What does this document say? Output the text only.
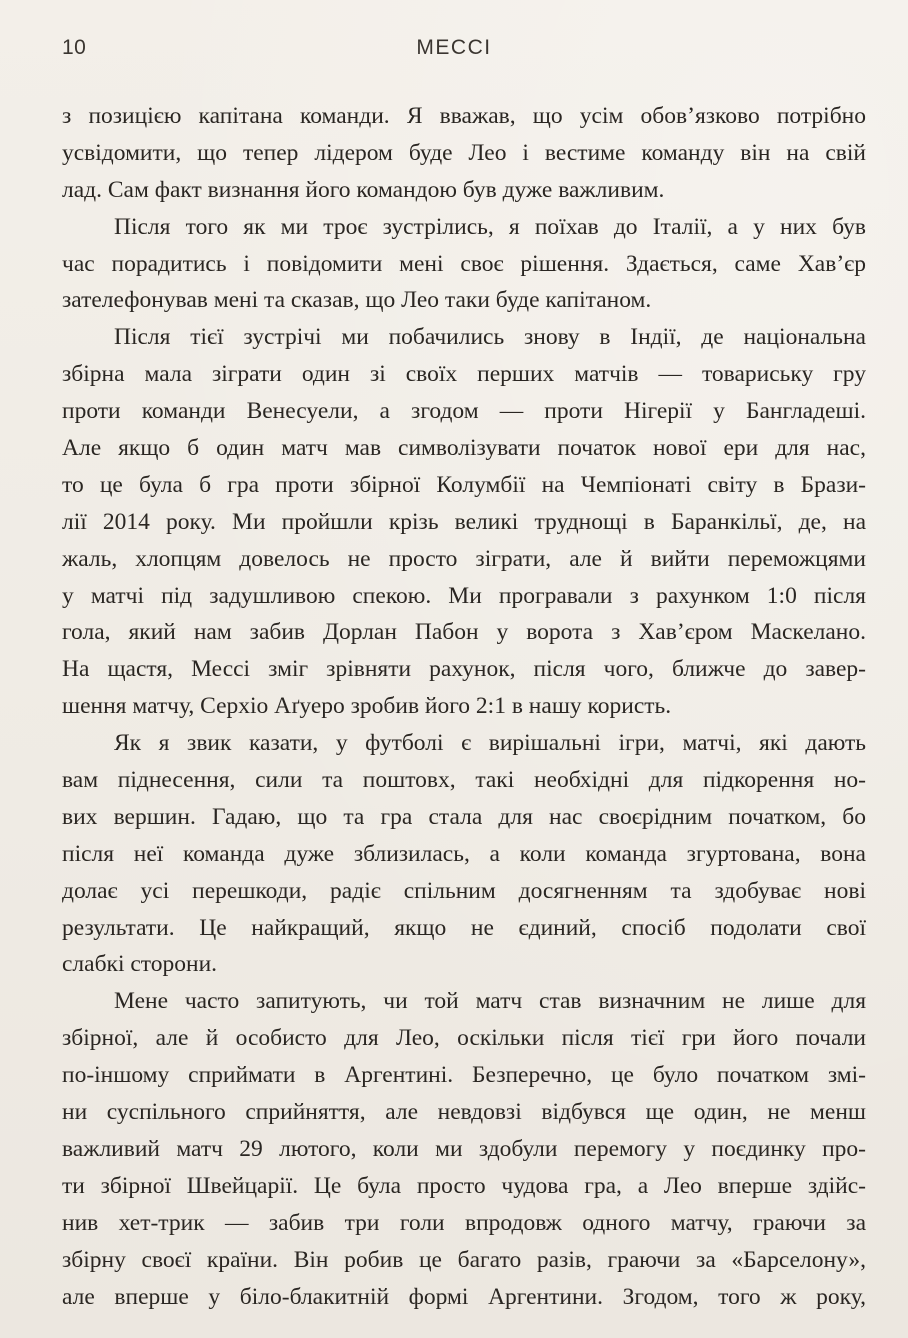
10	МЕССІ
з позицією капітана команди. Я вважав, що усім обов’язково потрібно
усвідомити, що тепер лідером буде Лео і вестиме команду він на свій
лад. Сам факт визнання його командою був дуже важливим.
Після того як ми троє зустрілись, я поїхав до Італії, а у них був
час порадитись і повідомити мені своє рішення. Здається, саме Хав’єр
зателефонував мені та сказав, що Лео таки буде капітаном.
Після тієї зустрічі ми побачились знову в Індії, де національна
збірна мала зіграти один зі своїх перших матчів — товариську гру
проти команди Венесуели, а згодом — проти Нігерії у Бангладеші.
Але якщо б один матч мав символізувати початок нової ери для нас,
то це була б гра проти збірної Колумбії на Чемпіонаті світу в Брази-
лії 2014 року. Ми пройшли крізь великі труднощі в Баранкільї, де, на
жаль, хлопцям довелось не просто зіграти, але й вийти переможцями
у матчі під задушливою спекою. Ми програвали з рахунком 1:0 після
гола, який нам забив Дорлан Пабон у ворота з Хав’єром Маскелано.
На щастя, Мессі зміг зрівняти рахунок, після чого, ближче до завер-
шення матчу, Серхіо Аґуеро зробив його 2:1 в нашу користь.
Як я звик казати, у футболі є вирішальні ігри, матчі, які дають
вам піднесення, сили та поштовх, такі необхідні для підкорення но-
вих вершин. Гадаю, що та гра стала для нас своєрідним початком, бо
після неї команда дуже зблизилась, а коли команда згуртована, вона
долає усі перешкоди, радіє спільним досягненням та здобуває нові
результати. Це найкращий, якщо не єдиний, спосіб подолати свої
слабкі сторони.
Мене часто запитують, чи той матч став визначним не лише для
збірної, але й особисто для Лео, оскільки після тієї гри його почали
по-іншому сприймати в Аргентині. Безперечно, це було початком змі-
ни суспільного сприйняття, але невдовзі відбувся ще один, не менш
важливий матч 29 лютого, коли ми здобули перемогу у поєдинку про-
ти збірної Швейцарії. Це була просто чудова гра, а Лео вперше здійс-
нив хет-трик — забив три голи впродовж одного матчу, граючи за
збірну своєї країни. Він робив це багато разів, граючи за «Барселону»,
але вперше у біло-блакитній формі Аргентини. Згодом, того ж року,
